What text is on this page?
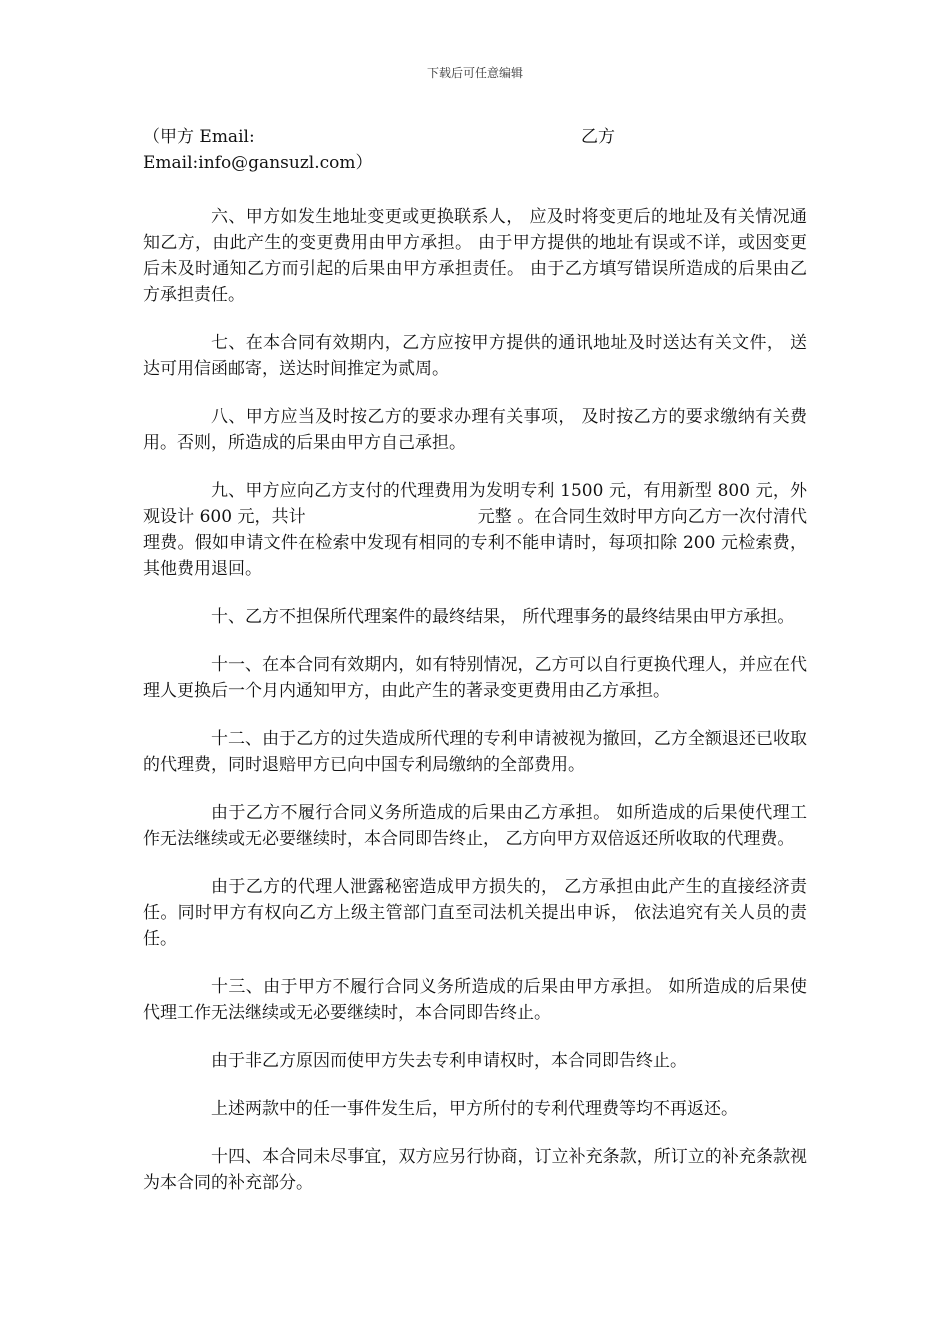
下载后可任意编辑
（甲方 Email:	乙方
Email:info@gansuzl.com）

六、甲方如发生地址变更或更换联系人， 应及时将变更后的地址及有关情况通知乙方，由此产生的变更费用由甲方承担。 由于甲方提供的地址有误或不详，或因变更后未及时通知乙方而引起的后果由甲方承担责任。 由于乙方填写错误所造成的后果由乙方承担责任。

七、在本合同有效期内，乙方应按甲方提供的通讯地址及时送达有关文件， 送达可用信函邮寄，送达时间推定为贰周。

八、甲方应当及时按乙方的要求办理有关事项， 及时按乙方的要求缴纳有关费用。否则，所造成的后果由甲方自己承担。

九、甲方应向乙方支付的代理费用为发明专利 1500 元，有用新型 800 元，外观设计 600 元，共计	元整 。在合同生效时甲方向乙方一次付清代理费。假如申请文件在检索中发现有相同的专利不能申请时，每项扣除 200 元检索费，其他费用退回。

十、乙方不担保所代理案件的最终结果， 所代理事务的最终结果由甲方承担。

十一、在本合同有效期内，如有特别情况，乙方可以自行更换代理人，并应在代理人更换后一个月内通知甲方，由此产生的著录变更费用由乙方承担。

十二、由于乙方的过失造成所代理的专利申请被视为撤回，乙方全额退还已收取的代理费，同时退赔甲方已向中国专利局缴纳的全部费用。

由于乙方不履行合同义务所造成的后果由乙方承担。 如所造成的后果使代理工作无法继续或无必要继续时，本合同即告终止， 乙方向甲方双倍返还所收取的代理费。

由于乙方的代理人泄露秘密造成甲方损失的， 乙方承担由此产生的直接经济责任。同时甲方有权向乙方上级主管部门直至司法机关提出申诉， 依法追究有关人员的责任。

十三、由于甲方不履行合同义务所造成的后果由甲方承担。 如所造成的后果使代理工作无法继续或无必要继续时，本合同即告终止。

由于非乙方原因而使甲方失去专利申请权时，本合同即告终止。

上述两款中的任一事件发生后，甲方所付的专利代理费等均不再返还。

十四、本合同未尽事宜，双方应另行协商，订立补充条款，所订立的补充条款视为本合同的补充部分。
